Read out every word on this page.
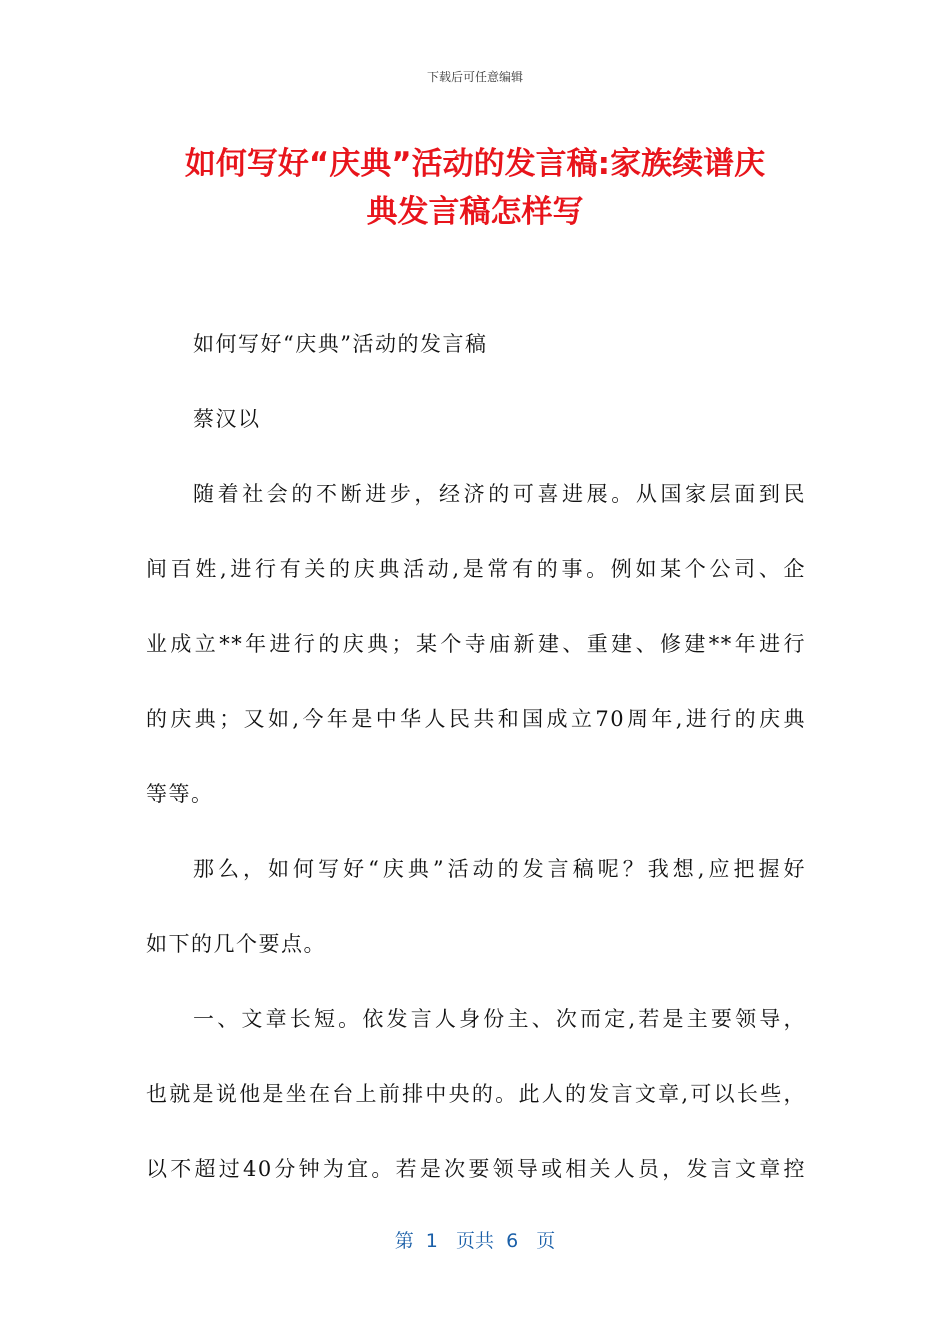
下载后可任意编辑
如何写好“庆典”活动的发言稿:家族续谱庆
典发言稿怎样写
如何写好“庆典”活动的发言稿
蔡汉以
随着社会的不断进步，经济的可喜进展。从国家层面到民
间百姓,进行有关的庆典活动,是常有的事。例如某个公司、企
业成立**年进行的庆典；某个寺庙新建、重建、修建**年进行
的庆典；又如,今年是中华人民共和国成立70周年,进行的庆典
等等。
那么，如何写好“庆典”活动的发言稿呢？我想,应把握好
如下的几个要点。
一、文章长短。依发言人身份主、次而定,若是主要领导，
也就是说他是坐在台上前排中央的。此人的发言文章,可以长些，
以不超过40分钟为宜。若是次要领导或相关人员，发言文章控
第  1   页共  6   页
